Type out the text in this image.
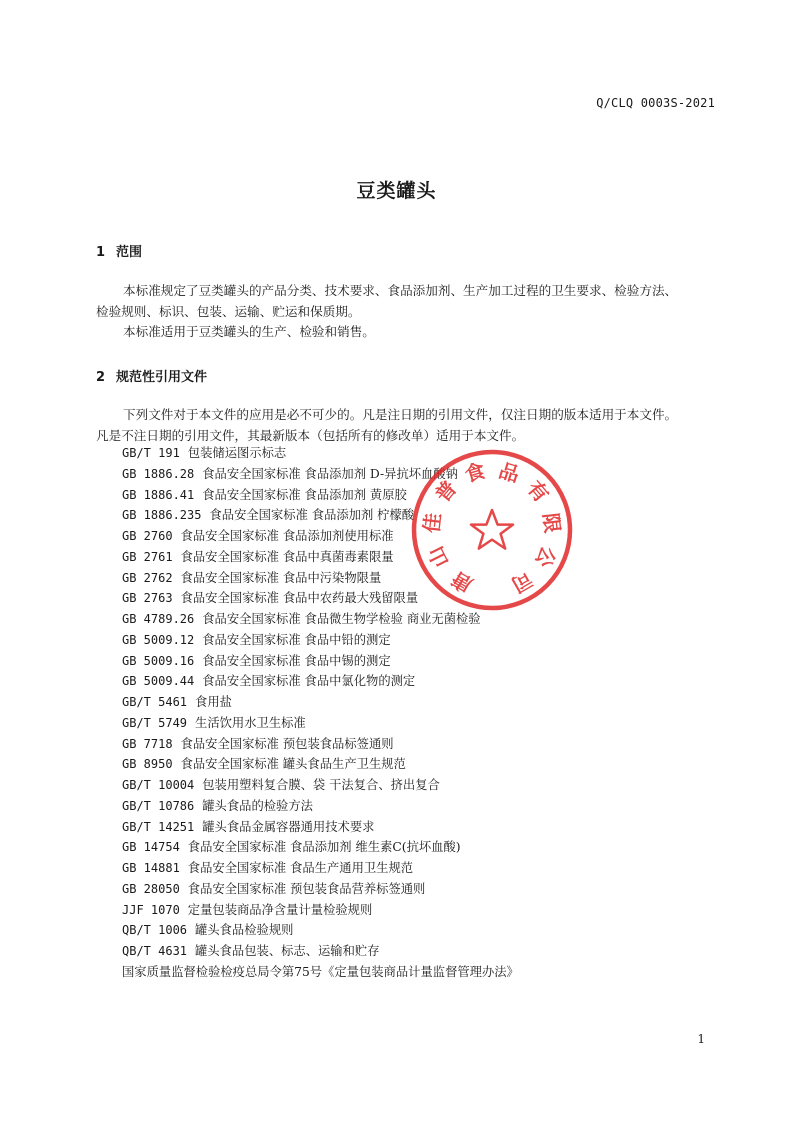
Q/CLQ 0003S-2021
豆类罐头
1 范围
本标准规定了豆类罐头的产品分类、技术要求、食品添加剂、生产加工过程的卫生要求、检验方法、
检验规则、标识、包装、运输、贮运和保质期。
本标准适用于豆类罐头的生产、检验和销售。
2 规范性引用文件
下列文件对于本文件的应用是必不可少的。凡是注日期的引用文件，仅注日期的版本适用于本文件。
凡是不注日期的引用文件，其最新版本（包括所有的修改单）适用于本文件。
GB/T 191 包装储运图示标志
GB 1886.28 食品安全国家标准 食品添加剂 D-异抗坏血酸钠
GB 1886.41 食品安全国家标准 食品添加剂 黄原胶
GB 1886.235 食品安全国家标准 食品添加剂 柠檬酸
GB 2760 食品安全国家标准 食品添加剂使用标准
GB 2761 食品安全国家标准 食品中真菌毒素限量
GB 2762 食品安全国家标准 食品中污染物限量
GB 2763 食品安全国家标准 食品中农药最大残留限量
GB 4789.26 食品安全国家标准 食品微生物学检验 商业无菌检验
GB 5009.12 食品安全国家标准 食品中铅的测定
GB 5009.16 食品安全国家标准 食品中锡的测定
GB 5009.44 食品安全国家标准 食品中氯化物的测定
GB/T 5461 食用盐
GB/T 5749 生活饮用水卫生标准
GB 7718 食品安全国家标准 预包装食品标签通则
GB 8950 食品安全国家标准 罐头食品生产卫生规范
GB/T 10004 包装用塑料复合膜、袋 干法复合、挤出复合
GB/T 10786 罐头食品的检验方法
GB/T 14251 罐头食品金属容器通用技术要求
GB 14754 食品安全国家标准 食品添加剂 维生素C(抗坏血酸)
GB 14881 食品安全国家标准 食品生产通用卫生规范
GB 28050 食品安全国家标准 预包装食品营养标签通则
JJF 1070 定量包装商品净含量计量检验规则
QB/T 1006 罐头食品检验规则
QB/T 4631 罐头食品包装、标志、运输和贮存
国家质量监督检验检疫总局令第75号《定量包装商品计量监督管理办法》
1
唐
山
佳
普
食 品
有
限
公
司
